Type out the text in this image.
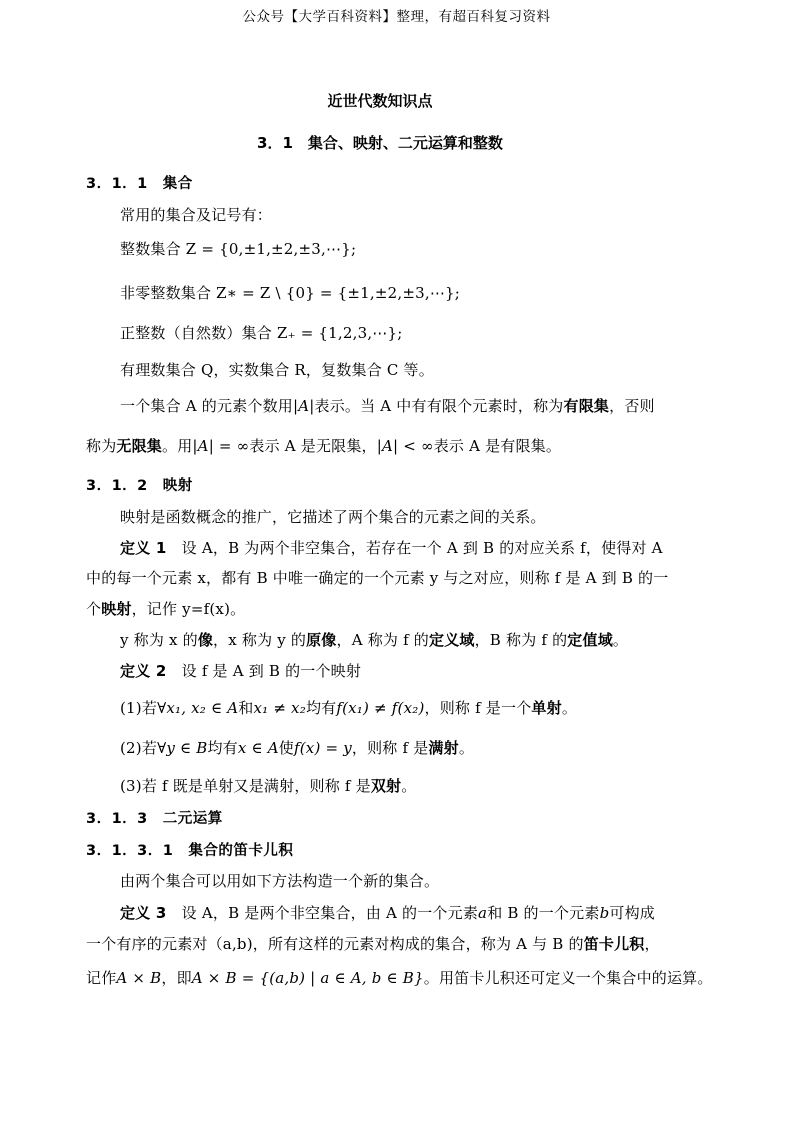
公众号【大学百科资料】整理，有超百科复习资料
近世代数知识点
3．1　集合、映射、二元运算和整数
3．1．1　集合
常用的集合及记号有：
整数集合 Z = {0,±1,±2,±3,⋯};
非零整数集合 Z∗ = Z \ {0} = {±1,±2,±3,⋯};
正整数（自然数）集合 Z₊ = {1,2,3,⋯};
有理数集合 Q，实数集合 R，复数集合 C 等。
一个集合 A 的元素个数用|A|表示。当 A 中有有限个元素时，称为有限集，否则
称为无限集。用|A| = ∞表示 A 是无限集，|A| < ∞表示 A 是有限集。
3．1．2　映射
映射是函数概念的推广，它描述了两个集合的元素之间的关系。
定义 1　设 A，B 为两个非空集合，若存在一个 A 到 B 的对应关系 f，使得对 A
中的每一个元素 x，都有 B 中唯一确定的一个元素 y 与之对应，则称 f 是 A 到 B 的一
个映射，记作 y=f(x)。
y 称为 x 的像，x 称为 y 的原像，A 称为 f 的定义域，B 称为 f 的定值域。
定义 2　设 f 是 A 到 B 的一个映射
(1)若∀x₁, x₂ ∈ A和x₁ ≠ x₂均有f(x₁) ≠ f(x₂)，则称 f 是一个单射。
(2)若∀y ∈ B均有x ∈ A使f(x) = y，则称 f 是满射。
(3)若 f 既是单射又是满射，则称 f 是双射。
3．1．3　二元运算
3．1．3．1　集合的笛卡儿积
由两个集合可以用如下方法构造一个新的集合。
定义 3　设 A，B 是两个非空集合，由 A 的一个元素a和 B 的一个元素b可构成
一个有序的元素对（a,b)，所有这样的元素对构成的集合，称为 A 与 B 的笛卡儿积，
记作A × B，即A × B = {(a,b) | a ∈ A, b ∈ B}。用笛卡儿积还可定义一个集合中的运算。
